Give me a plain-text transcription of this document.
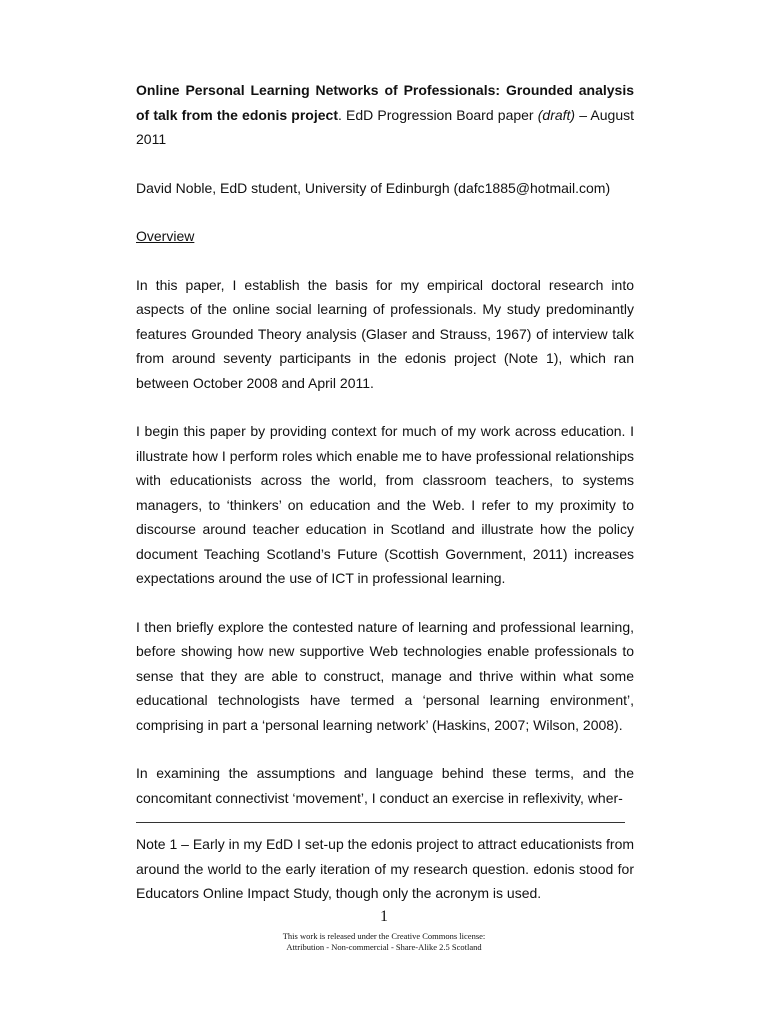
Online Personal Learning Networks of Professionals: Grounded analysis of talk from the edonis project. EdD Progression Board paper (draft) – August 2011

David Noble, EdD student, University of Edinburgh (dafc1885@hotmail.com)

Overview

In this paper, I establish the basis for my empirical doctoral research into aspects of the online social learning of professionals. My study predominantly features Grounded Theory analysis (Glaser and Strauss, 1967) of interview talk from around seventy participants in the edonis project (Note 1), which ran between October 2008 and April 2011.

I begin this paper by providing context for much of my work across education. I illustrate how I perform roles which enable me to have professional relationships with educationists across the world, from classroom teachers, to systems managers, to ‘thinkers’ on education and the Web. I refer to my proximity to discourse around teacher education in Scotland and illustrate how the policy document Teaching Scotland’s Future (Scottish Government, 2011) increases expectations around the use of ICT in professional learning.

I then briefly explore the contested nature of learning and professional learning, before showing how new supportive Web technologies enable professionals to sense that they are able to construct, manage and thrive within what some educational technologists have termed a ‘personal learning environment’, comprising in part a ‘personal learning network’ (Haskins, 2007; Wilson, 2008).

In examining the assumptions and language behind these terms, and the concomitant connectivist ‘movement’, I conduct an exercise in reflexivity, wher-

Note 1 – Early in my EdD I set-up the edonis project to attract educationists from around the world to the early iteration of my research question. edonis stood for Educators Online Impact Study, though only the acronym is used.
1
This work is released under the Creative Commons license:
Attribution - Non-commercial - Share-Alike 2.5 Scotland
